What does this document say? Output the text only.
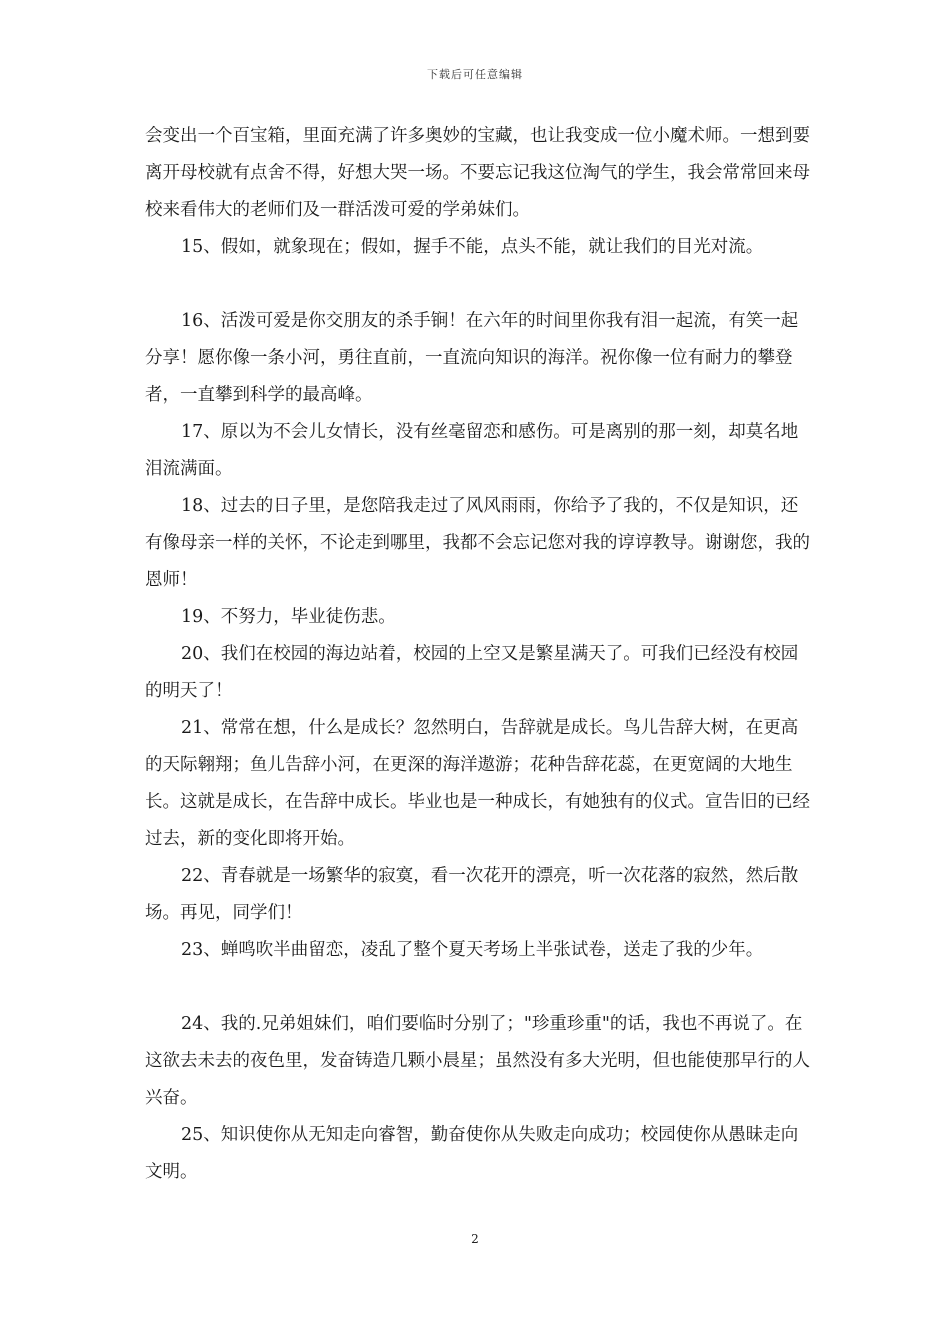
下载后可任意编辑

会变出一个百宝箱，里面充满了许多奥妙的宝藏，也让我变成一位小魔术师。一想到要离开母校就有点舍不得，好想大哭一场。不要忘记我这位淘气的学生，我会常常回来母校来看伟大的老师们及一群活泼可爱的学弟妹们。

15、假如，就象现在；假如，握手不能，点头不能，就让我们的目光对流。

16、活泼可爱是你交朋友的杀手锏！在六年的时间里你我有泪一起流，有笑一起分享！愿你像一条小河，勇往直前，一直流向知识的海洋。祝你像一位有耐力的攀登者，一直攀到科学的最高峰。

17、原以为不会儿女情长，没有丝毫留恋和感伤。可是离别的那一刻，却莫名地泪流满面。

18、过去的日子里，是您陪我走过了风风雨雨，你给予了我的，不仅是知识，还有像母亲一样的关怀，不论走到哪里，我都不会忘记您对我的谆谆教导。谢谢您，我的恩师！

19、不努力，毕业徒伤悲。

20、我们在校园的海边站着，校园的上空又是繁星满天了。可我们已经没有校园的明天了！

21、常常在想，什么是成长？忽然明白，告辞就是成长。鸟儿告辞大树，在更高的天际翱翔；鱼儿告辞小河，在更深的海洋遨游；花种告辞花蕊，在更宽阔的大地生长。这就是成长，在告辞中成长。毕业也是一种成长，有她独有的仪式。宣告旧的已经过去，新的变化即将开始。

22、青春就是一场繁华的寂寞，看一次花开的漂亮，听一次花落的寂然，然后散场。再见，同学们！

23、蝉鸣吹半曲留恋，凌乱了整个夏天考场上半张试卷，送走了我的少年。

24、我的.兄弟姐妹们，咱们要临时分别了；"珍重珍重"的话，我也不再说了。在这欲去未去的夜色里，发奋铸造几颗小晨星；虽然没有多大光明，但也能使那早行的人兴奋。

25、知识使你从无知走向睿智，勤奋使你从失败走向成功；校园使你从愚昧走向文明。

2
